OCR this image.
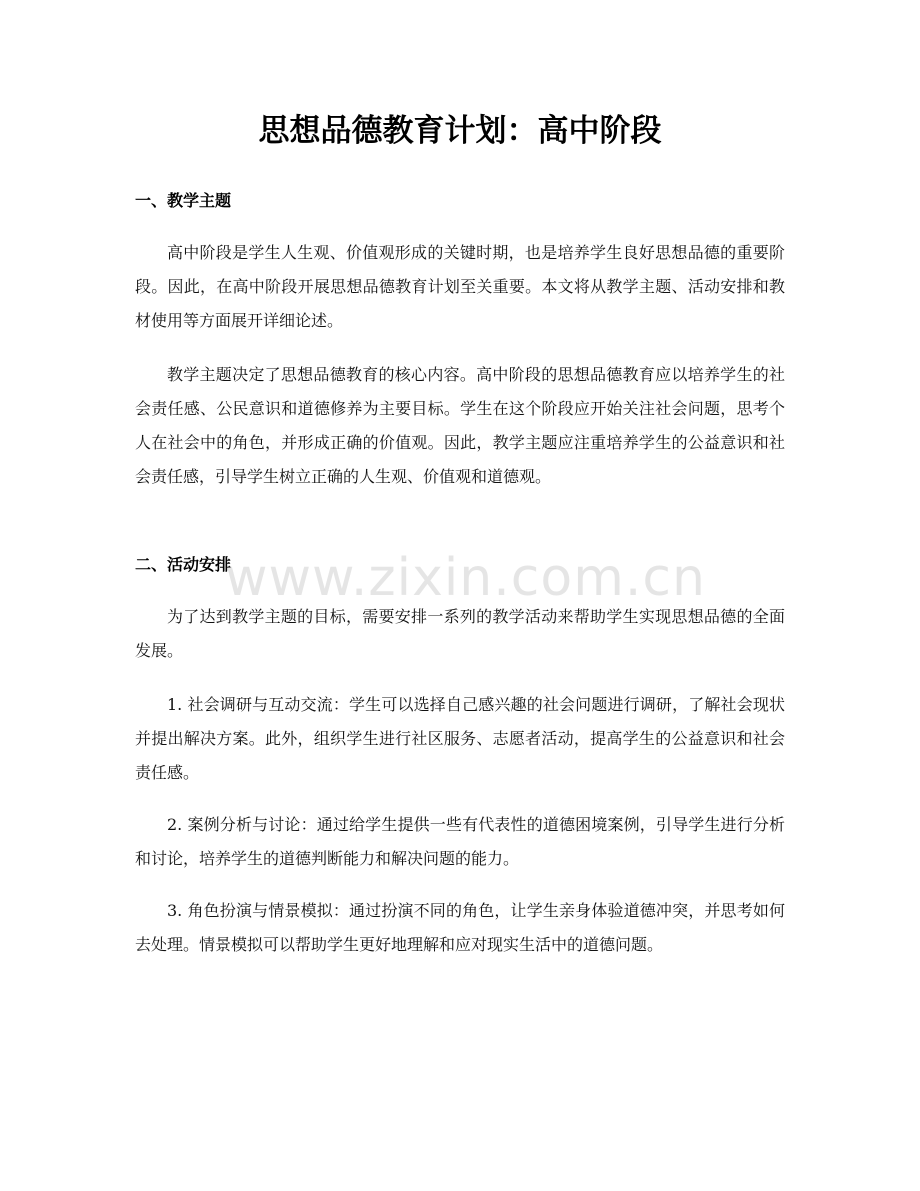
思想品德教育计划：高中阶段
一、教学主题

高中阶段是学生人生观、价值观形成的关键时期，也是培养学生良好思想品德的重要阶段。因此，在高中阶段开展思想品德教育计划至关重要。本文将从教学主题、活动安排和教材使用等方面展开详细论述。

教学主题决定了思想品德教育的核心内容。高中阶段的思想品德教育应以培养学生的社会责任感、公民意识和道德修养为主要目标。学生在这个阶段应开始关注社会问题，思考个人在社会中的角色，并形成正确的价值观。因此，教学主题应注重培养学生的公益意识和社会责任感，引导学生树立正确的人生观、价值观和道德观。

二、活动安排

为了达到教学主题的目标，需要安排一系列的教学活动来帮助学生实现思想品德的全面发展。

1. 社会调研与互动交流：学生可以选择自己感兴趣的社会问题进行调研，了解社会现状并提出解决方案。此外，组织学生进行社区服务、志愿者活动，提高学生的公益意识和社会责任感。

2. 案例分析与讨论：通过给学生提供一些有代表性的道德困境案例，引导学生进行分析和讨论，培养学生的道德判断能力和解决问题的能力。

3. 角色扮演与情景模拟：通过扮演不同的角色，让学生亲身体验道德冲突，并思考如何去处理。情景模拟可以帮助学生更好地理解和应对现实生活中的道德问题。

www.zixin.com.cn
